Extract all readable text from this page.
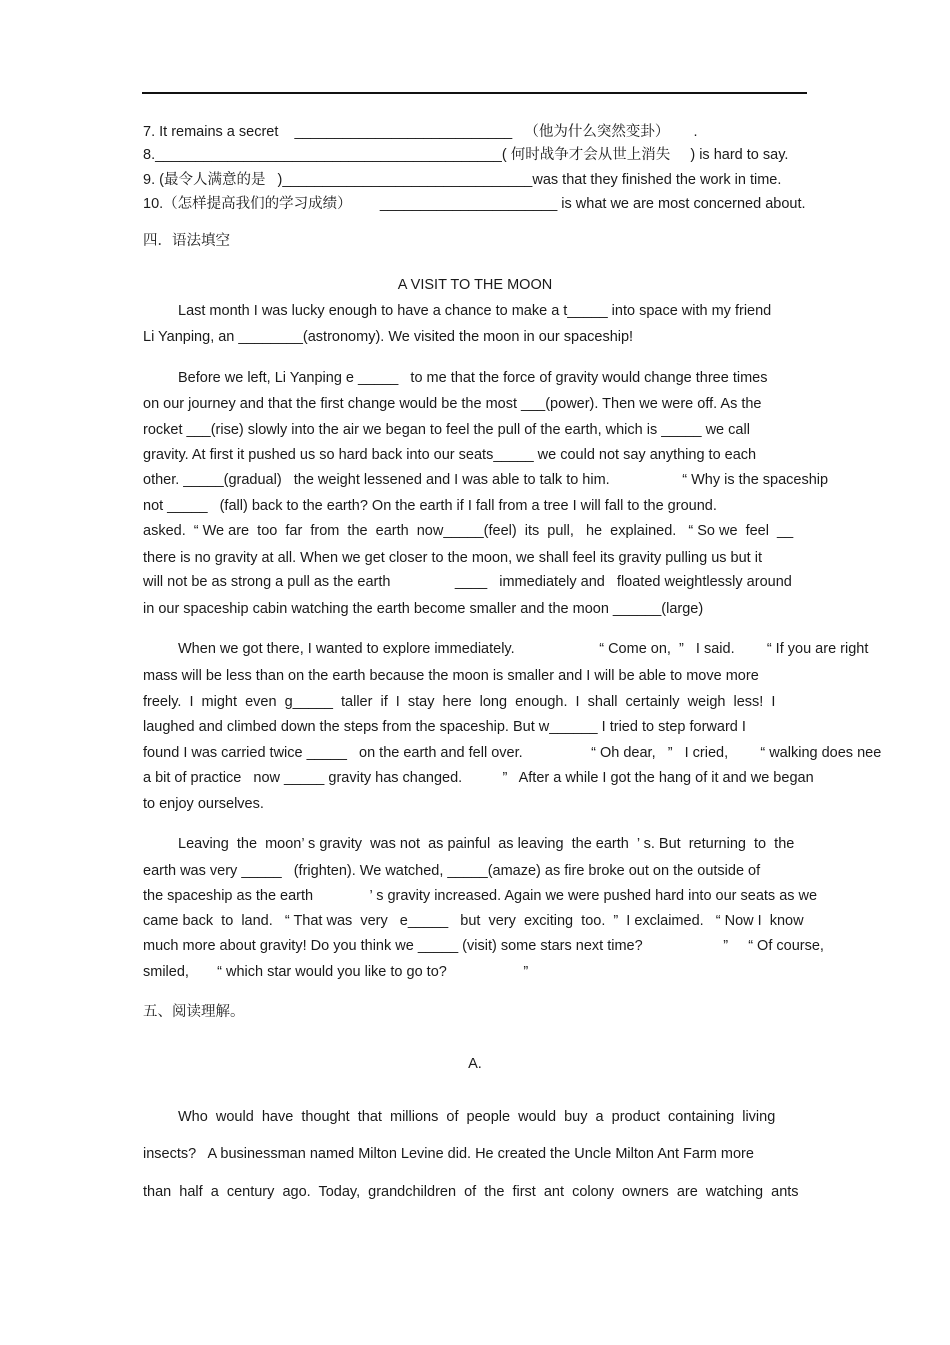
7. It remains a secret    ___________________________   （他为什么突然变卦）      .
8.___________________________________________( 何时战争才会从世上消失     ) is hard to say.
9. (最令人满意的是   )_______________________________was that they finished the work in time.
10.（怎样提高我们的学习成绩）       ______________________ is what we are most concerned about.
四．语法填空
A VISIT TO THE MOON
Last month I was lucky enough to have a chance to make a t_____ into space with my friend
Li Yanping, an ________(astronomy). We visited the moon in our spaceship!
Before we left, Li Yanping e _____   to me that the force of gravity would change three times
on our journey and that the first change would be the most ___(power). Then we were off. As the
rocket ___(rise) slowly into the air we began to feel the pull of the earth, which is _____ we call
gravity. At first it pushed us so hard back into our seats_____ we could not say anything to each
other. _____(gradual)   the weight lessened and I was able to talk to him.                  “ Why is the spaceship
not _____   (fall) back to the earth? On the earth if I fall from a tree I will fall to the ground.
asked.  “ We are  too  far  from  the  earth  now_____(feel)  its  pull,   he  explained.   “ So we  feel  __
there is no gravity at all. When we get closer to the moon, we shall feel its gravity pulling us but it
will not be as strong a pull as the earth                ____   immediately and   floated weightlessly around
in our spaceship cabin watching the earth become smaller and the moon ______(large)
When we got there, I wanted to explore immediately.                     “ Come on,  ”   I said.        “ If you are right
mass will be less than on the earth because the moon is smaller and I will be able to move more
freely.  I  might  even  g_____  taller  if  I  stay  here  long  enough.  I  shall  certainly  weigh  less!  I
laughed and climbed down the steps from the spaceship. But w______ I tried to step forward I
found I was carried twice _____   on the earth and fell over.                 “ Oh dear,   ”   I cried,        “ walking does nee
a bit of practice   now _____ gravity has changed.          ”   After a while I got the hang of it and we began
to enjoy ourselves.
Leaving  the  moon’ s gravity  was not  as painful  as leaving  the earth  ’ s. But  returning  to  the
earth was very _____   (frighten). We watched, _____(amaze) as fire broke out on the outside of
the spaceship as the earth              ’ s gravity increased. Again we were pushed hard into our seats as we
came back  to  land.   “ That was  very   e_____   but  very  exciting  too.  ”  I exclaimed.   “ Now I  know
much more about gravity! Do you think we _____ (visit) some stars next time?                    ”     “ Of course,
smiled,       “ which star would you like to go to?                   ”
五、阅读理解。
A.
Who  would  have  thought  that  millions  of  people  would  buy  a  product  containing  living
insects?   A businessman named Milton Levine did. He created the Uncle Milton Ant Farm more
than  half  a  century  ago.  Today,  grandchildren  of  the  first  ant  colony  owners  are  watching  ants
